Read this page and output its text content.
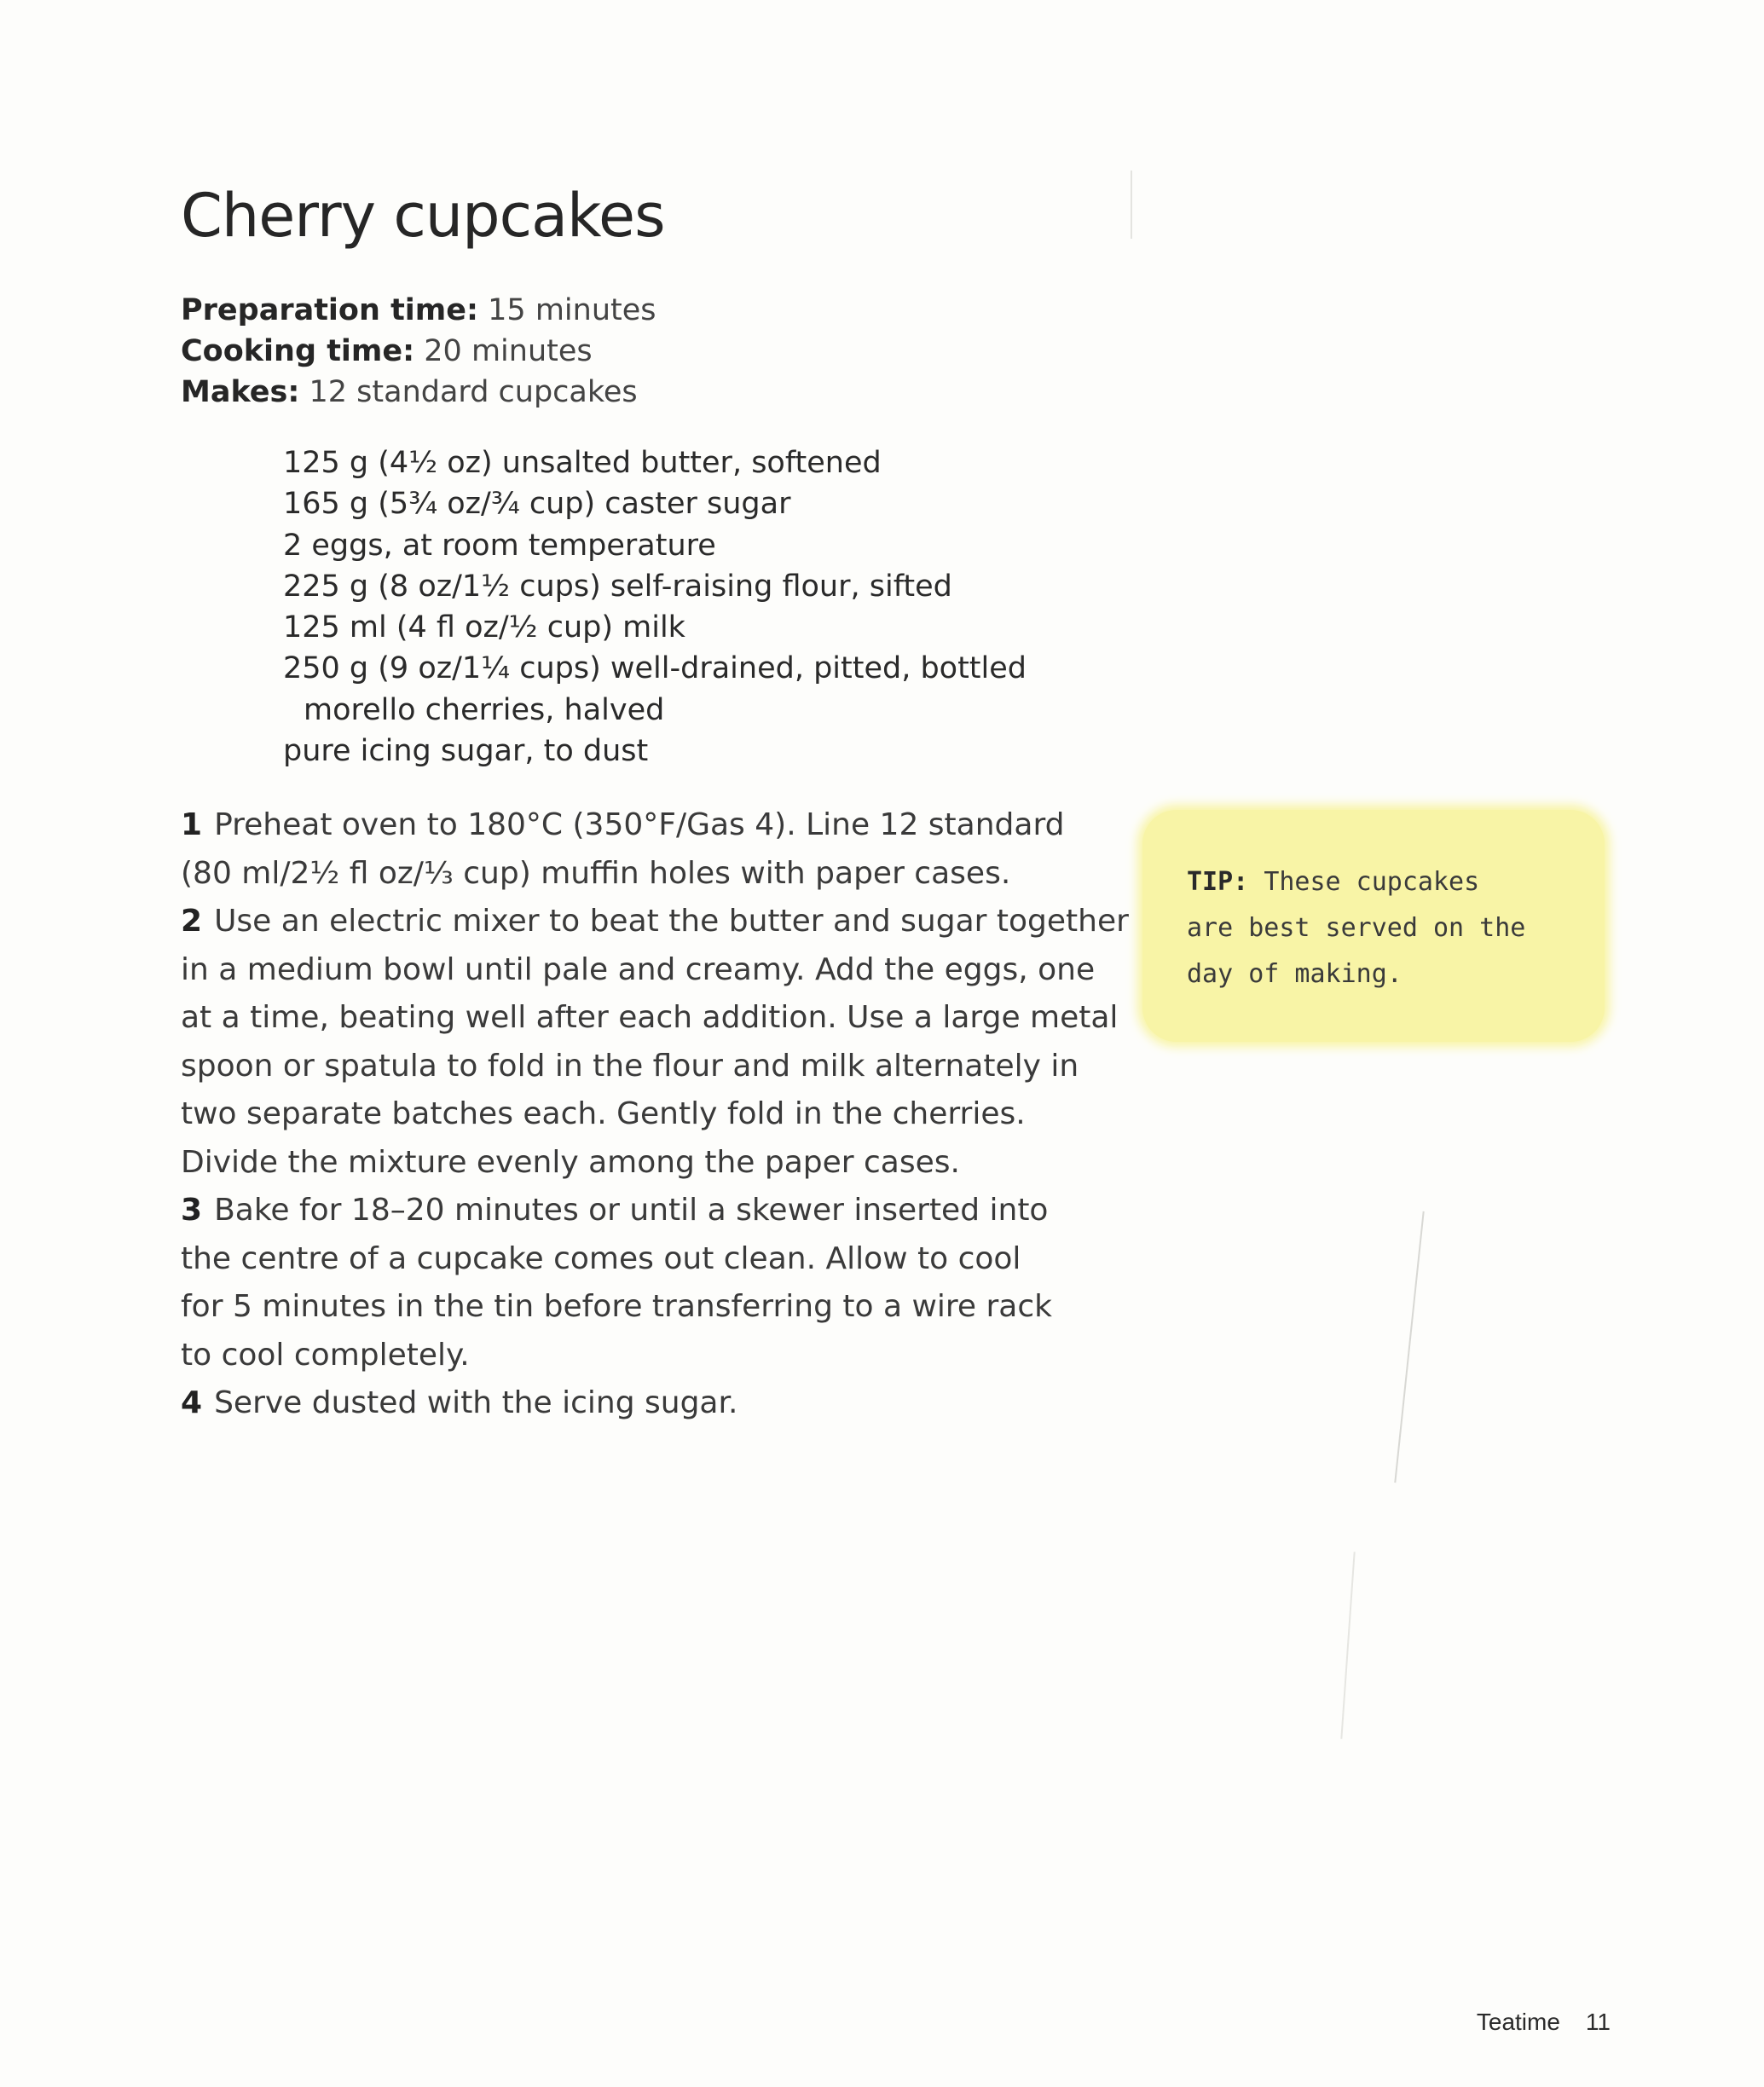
Cherry cupcakes
Preparation time: 15 minutes
Cooking time: 20 minutes
Makes: 12 standard cupcakes
125 g (4½ oz) unsalted butter, softened
165 g (5¾ oz/¾ cup) caster sugar
2 eggs, at room temperature
225 g (8 oz/1½ cups) self-raising flour, sifted
125 ml (4 fl oz/½ cup) milk
250 g (9 oz/1¼ cups) well-drained, pitted, bottled
morello cherries, halved
pure icing sugar, to dust
1 Preheat oven to 180°C (350°F/Gas 4). Line 12 standard
(80 ml/2½ fl oz/⅓ cup) muffin holes with paper cases.
2 Use an electric mixer to beat the butter and sugar together
in a medium bowl until pale and creamy. Add the eggs, one
at a time, beating well after each addition. Use a large metal
spoon or spatula to fold in the flour and milk alternately in
two separate batches each. Gently fold in the cherries.
Divide the mixture evenly among the paper cases.
3 Bake for 18–20 minutes or until a skewer inserted into
the centre of a cupcake comes out clean. Allow to cool
for 5 minutes in the tin before transferring to a wire rack
to cool completely.
4 Serve dusted with the icing sugar.
TIP: These cupcakes
are best served on the
day of making.
Teatime 11
